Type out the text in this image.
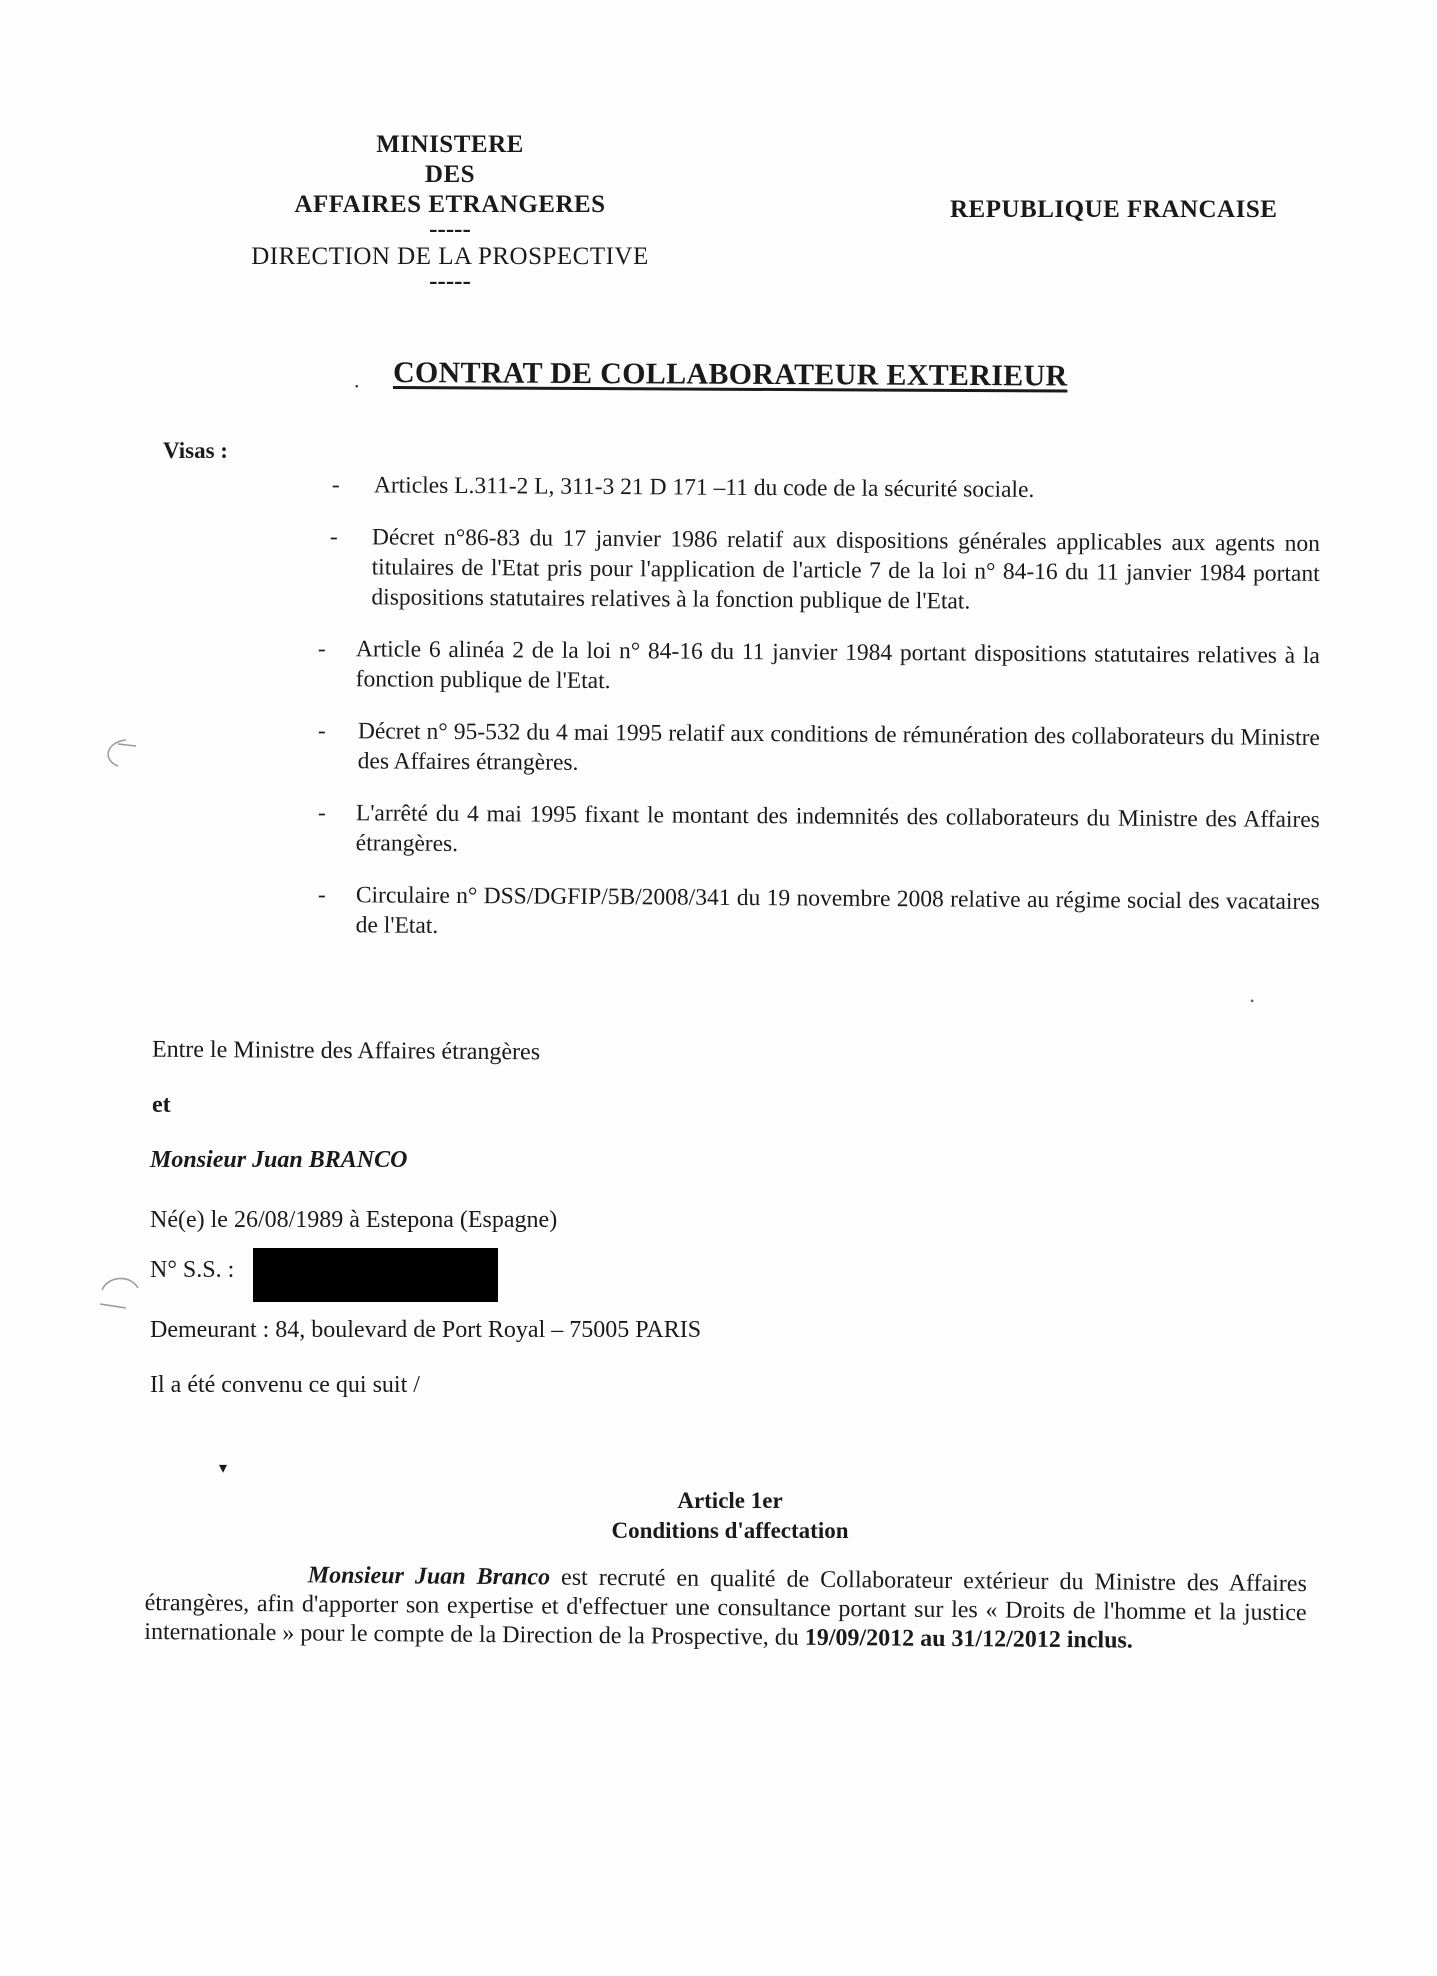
MINISTERE
DES
AFFAIRES ETRANGERES
-----
DIRECTION DE LA PROSPECTIVE
-----
REPUBLIQUE FRANCAISE
CONTRAT DE COLLABORATEUR EXTERIEUR
Visas :
- Articles L.311-2 L, 311-3 21 D 171 –11 du code de la sécurité sociale.
- Décret n°86-83 du 17 janvier 1986 relatif aux dispositions générales applicables aux agents non titulaires de l'Etat pris pour l'application de l'article 7 de la loi n° 84-16 du 11 janvier 1984 portant dispositions statutaires relatives à la fonction publique de l'Etat.
- Article 6 alinéa 2 de la loi n° 84-16 du 11 janvier 1984 portant dispositions statutaires relatives à la fonction publique de l'Etat.
- Décret n° 95-532 du 4 mai 1995 relatif aux conditions de rémunération des collaborateurs du Ministre des Affaires étrangères.
- L'arrêté du 4 mai 1995 fixant le montant des indemnités des collaborateurs du Ministre des Affaires étrangères.
- Circulaire n° DSS/DGFIP/5B/2008/341 du 19 novembre 2008 relative au régime social des vacataires de l'Etat.
Entre le Ministre des Affaires étrangères
et
Monsieur Juan BRANCO
Né(e) le 26/08/1989 à Estepona (Espagne)
N° S.S. :
Demeurant : 84, boulevard de Port Royal – 75005 PARIS
Il a été convenu ce qui suit /
Article 1er
Conditions d'affectation
Monsieur Juan Branco est recruté en qualité de Collaborateur extérieur du Ministre des Affaires étrangères, afin d'apporter son expertise et d'effectuer une consultance portant sur les « Droits de l'homme et la justice internationale » pour le compte de la Direction de la Prospective, du 19/09/2012 au 31/12/2012 inclus.
▾
•
•
